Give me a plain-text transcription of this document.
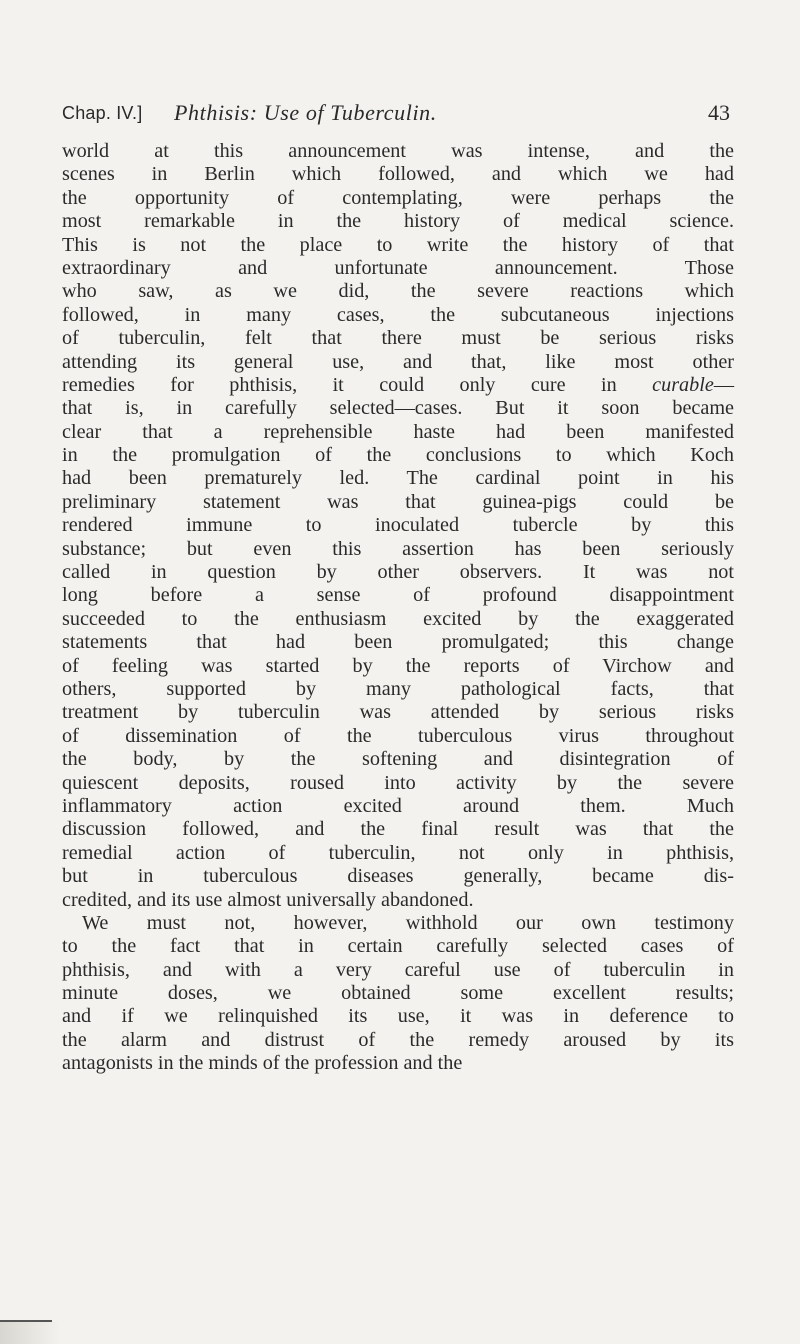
Chap. IV.] Phthisis: Use of Tuberculin.	43
world at this announcement was intense, and the
scenes in Berlin which followed, and which we had
the opportunity of contemplating, were perhaps the
most remarkable in the history of medical science.
This is not the place to write the history of that
extraordinary and unfortunate announcement. Those
who saw, as we did, the severe reactions which
followed, in many cases, the subcutaneous injections
of tuberculin, felt that there must be serious risks
attending its general use, and that, like most other
remedies for phthisis, it could only cure in curable—
that is, in carefully selected—cases. But it soon became
clear that a reprehensible haste had been manifested
in the promulgation of the conclusions to which Koch
had been prematurely led. The cardinal point in his
preliminary statement was that guinea-pigs could be
rendered immune to inoculated tubercle by this
substance; but even this assertion has been seriously
called in question by other observers. It was not
long before a sense of profound disappointment
succeeded to the enthusiasm excited by the exaggerated
statements that had been promulgated; this change
of feeling was started by the reports of Virchow and
others, supported by many pathological facts, that
treatment by tuberculin was attended by serious risks
of dissemination of the tuberculous virus throughout
the body, by the softening and disintegration of
quiescent deposits, roused into activity by the severe
inflammatory action excited around them. Much
discussion followed, and the final result was that the
remedial action of tuberculin, not only in phthisis,
but in tuberculous diseases generally, became dis-
credited, and its use almost universally abandoned.
We must not, however, withhold our own testimony
to the fact that in certain carefully selected cases of
phthisis, and with a very careful use of tuberculin in
minute doses, we obtained some excellent results;
and if we relinquished its use, it was in deference to
the alarm and distrust of the remedy aroused by its
antagonists in the minds of the profession and the
